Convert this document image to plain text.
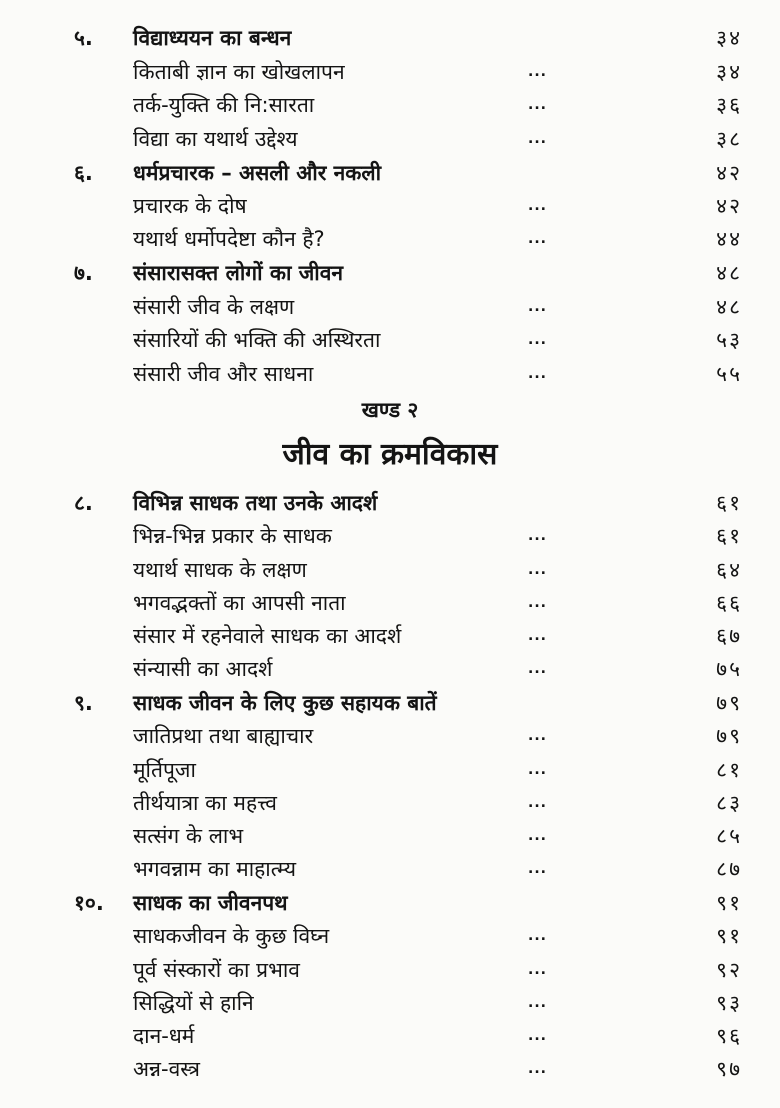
५. विद्याध्ययन का बन्धन	३४
किताबी ज्ञान का खोखलापन	...	३४
तर्क-युक्ति की नि:सारता	...	३६
विद्या का यथार्थ उद्देश्य	...	३८
६. धर्मप्रचारक – असली और नकली	४२
प्रचारक के दोष	...	४२
यथार्थ धर्मोपदेष्टा कौन है?	...	४४
७. संसारासक्त लोगों का जीवन	४८
संसारी जीव के लक्षण	...	४८
संसारियों की भक्ति की अस्थिरता	...	५३
संसारी जीव और साधना	...	५५
खण्ड २
जीव का क्रमविकास
८. विभिन्न साधक तथा उनके आदर्श	६१
भिन्न-भिन्न प्रकार के साधक	...	६१
यथार्थ साधक के लक्षण	...	६४
भगवद्भक्तों का आपसी नाता	...	६६
संसार में रहनेवाले साधक का आदर्श	...	६७
संन्यासी का आदर्श	...	७५
९. साधक जीवन के लिए कुछ सहायक बातें	७९
जातिप्रथा तथा बाह्याचार	...	७९
मूर्तिपूजा	...	८१
तीर्थयात्रा का महत्त्व	...	८३
सत्संग के लाभ	...	८५
भगवन्नाम का माहात्म्य	...	८७
१०. साधक का जीवनपथ	९१
साधकजीवन के कुछ विघ्न	...	९१
पूर्व संस्कारों का प्रभाव	...	९२
सिद्धियों से हानि	...	९३
दान-धर्म	...	९६
अन्न-वस्त्र	...	९७
